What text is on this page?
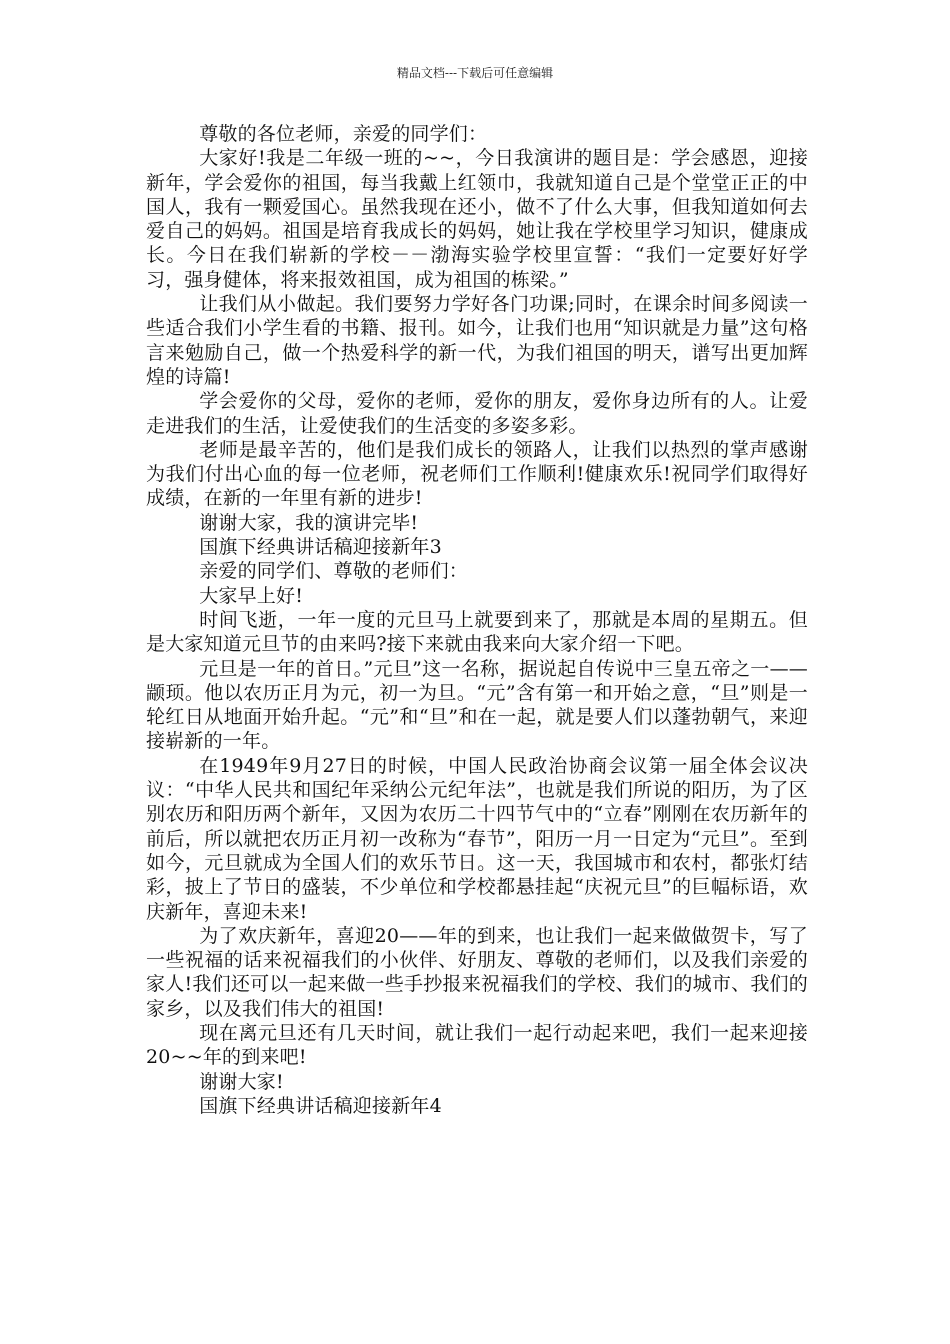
精品文档---下载后可任意编辑

尊敬的各位老师，亲爱的同学们：

大家好!我是二年级一班的~~，今日我演讲的题目是：学会感恩，迎接新年，学会爱你的祖国，每当我戴上红领巾，我就知道自己是个堂堂正正的中国人，我有一颗爱国心。虽然我现在还小，做不了什么大事，但我知道如何去爱自己的妈妈。祖国是培育我成长的妈妈，她让我在学校里学习知识，健康成长。今日在我们崭新的学校－－渤海实验学校里宣誓：“我们一定要好好学习，强身健体，将来报效祖国，成为祖国的栋梁。”

让我们从小做起。我们要努力学好各门功课;同时，在课余时间多阅读一些适合我们小学生看的书籍、报刊。如今，让我们也用“知识就是力量”这句格言来勉励自己，做一个热爱科学的新一代，为我们祖国的明天，谱写出更加辉煌的诗篇!

学会爱你的父母，爱你的老师，爱你的朋友，爱你身边所有的人。让爱走进我们的生活，让爱使我们的生活变的多姿多彩。

老师是最辛苦的，他们是我们成长的领路人，让我们以热烈的掌声感谢为我们付出心血的每一位老师，祝老师们工作顺利!健康欢乐!祝同学们取得好成绩，在新的一年里有新的进步!

谢谢大家，我的演讲完毕!

国旗下经典讲话稿迎接新年3

亲爱的同学们、尊敬的老师们：

大家早上好!

时间飞逝，一年一度的元旦马上就要到来了，那就是本周的星期五。但是大家知道元旦节的由来吗?接下来就由我来向大家介绍一下吧。

元旦是一年的首日。”元旦”这一名称，据说起自传说中三皇五帝之一——颛顼。他以农历正月为元，初一为旦。“元”含有第一和开始之意，“旦”则是一轮红日从地面开始升起。“元”和“旦”和在一起，就是要人们以蓬勃朝气，来迎接崭新的一年。

在1949年9月27日的时候，中国人民政治协商会议第一届全体会议决议：“中华人民共和国纪年采纳公元纪年法”，也就是我们所说的阳历，为了区别农历和阳历两个新年，又因为农历二十四节气中的“立春”刚刚在农历新年的前后，所以就把农历正月初一改称为“春节”，阳历一月一日定为“元旦”。至到如今，元旦就成为全国人们的欢乐节日。这一天，我国城市和农村，都张灯结彩，披上了节日的盛装，不少单位和学校都悬挂起“庆祝元旦”的巨幅标语，欢庆新年，喜迎未来!

为了欢庆新年，喜迎20——年的到来，也让我们一起来做做贺卡，写了一些祝福的话来祝福我们的小伙伴、好朋友、尊敬的老师们，以及我们亲爱的家人!我们还可以一起来做一些手抄报来祝福我们的学校、我们的城市、我们的家乡，以及我们伟大的祖国!

现在离元旦还有几天时间，就让我们一起行动起来吧，我们一起来迎接20~~年的到来吧!

谢谢大家!

国旗下经典讲话稿迎接新年4
